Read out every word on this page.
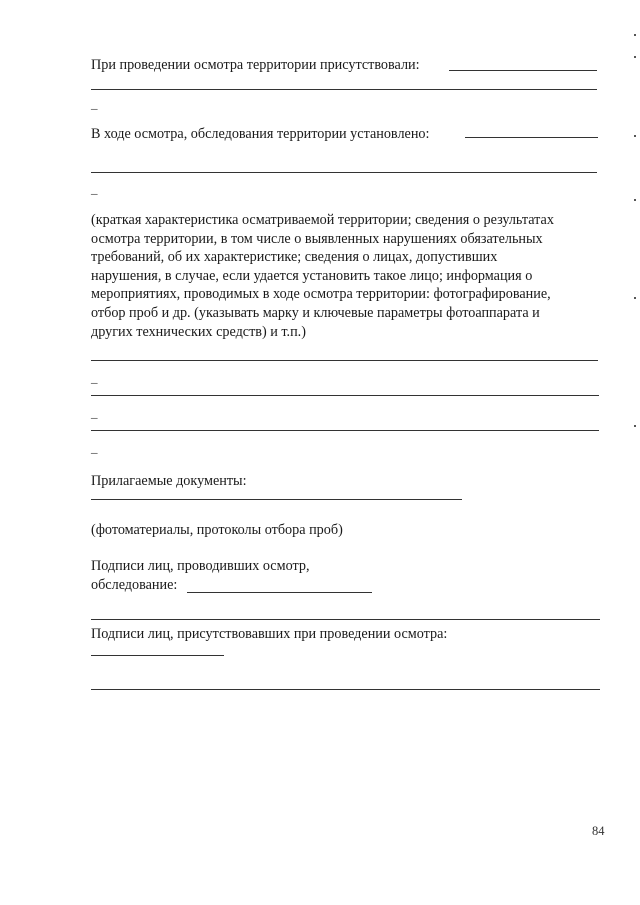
При проведении осмотра территории присутствовали:
_
В ходе осмотра, обследования территории установлено:
_
(краткая характеристика осматриваемой территории; сведения о результатах
осмотра территории, в том числе о выявленных нарушениях обязательных
требований, об их характеристике; сведения о лицах, допустивших
нарушения, в случае, если удается установить такое лицо; информация о
мероприятиях, проводимых в ходе осмотра территории: фотографирование,
отбор проб и др. (указывать марку и ключевые параметры фотоаппарата и
других технических средств) и т.п.)
_
_
_
Прилагаемые документы:
(фотоматериалы, протоколы отбора проб)
Подписи лиц, проводивших осмотр,
обследование:
Подписи лиц, присутствовавших при проведении осмотра:
84
